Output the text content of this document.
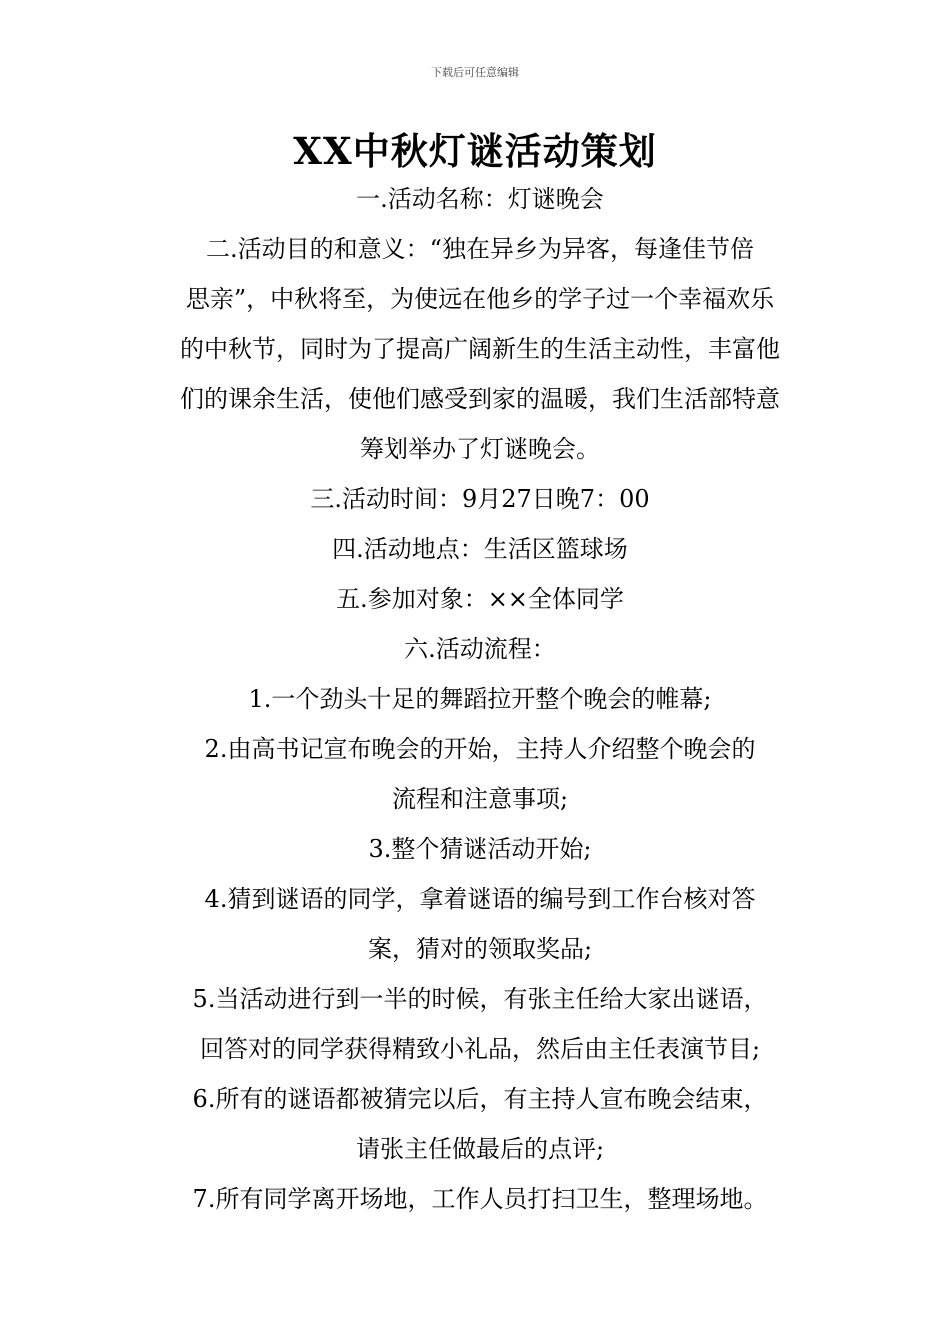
下载后可任意编辑
XX中秋灯谜活动策划

一.活动名称：灯谜晚会

二.活动目的和意义：“独在异乡为异客，每逢佳节倍

思亲”，中秋将至，为使远在他乡的学子过一个幸福欢乐

的中秋节，同时为了提高广阔新生的生活主动性，丰富他

们的课余生活，使他们感受到家的温暖，我们生活部特意

筹划举办了灯谜晚会。

三.活动时间：9月27日晚7：00

四.活动地点：生活区篮球场

五.参加对象：××全体同学

六.活动流程：

1.一个劲头十足的舞蹈拉开整个晚会的帷幕;

2.由高书记宣布晚会的开始，主持人介绍整个晚会的

流程和注意事项;

3.整个猜谜活动开始;

4.猜到谜语的同学，拿着谜语的编号到工作台核对答

案，猜对的领取奖品;

5.当活动进行到一半的时候，有张主任给大家出谜语，

回答对的同学获得精致小礼品，然后由主任表演节目;

6.所有的谜语都被猜完以后，有主持人宣布晚会结束，

请张主任做最后的点评;

7.所有同学离开场地，工作人员打扫卫生，整理场地。
